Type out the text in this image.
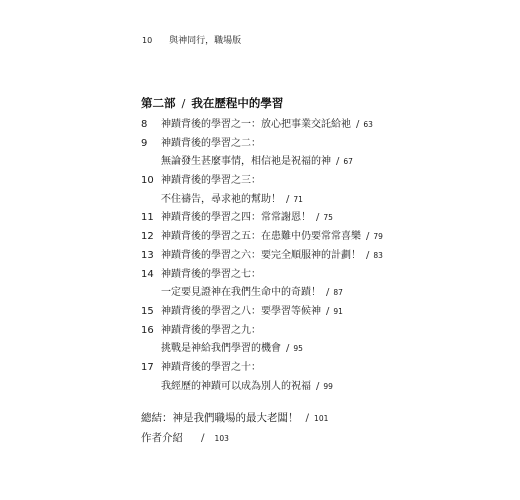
10 與神同行，職場版
第二部 / 我在歷程中的學習
8	神蹟背後的學習之一：放心把事業交託給祂 / 63
9	神蹟背後的學習之二：
無論發生甚麼事情，相信祂是祝福的神 / 67
10 神蹟背後的學習之三：
不住禱告，尋求祂的幫助！ / 71
11 神蹟背後的學習之四：常常謝恩！ / 75
12 神蹟背後的學習之五：在患難中仍要常常喜樂 / 79
13 神蹟背後的學習之六：要完全順服神的計劃！ / 83
14 神蹟背後的學習之七：
一定要見證神在我們生命中的奇蹟！ / 87
15 神蹟背後的學習之八：要學習等候神 / 91
16 神蹟背後的學習之九：
挑戰是神給我們學習的機會 / 95
17 神蹟背後的學習之十：
我經歷的神蹟可以成為別人的祝福 / 99
總結：神是我們職場的最大老闆！ / 101
作者介紹 / 103
